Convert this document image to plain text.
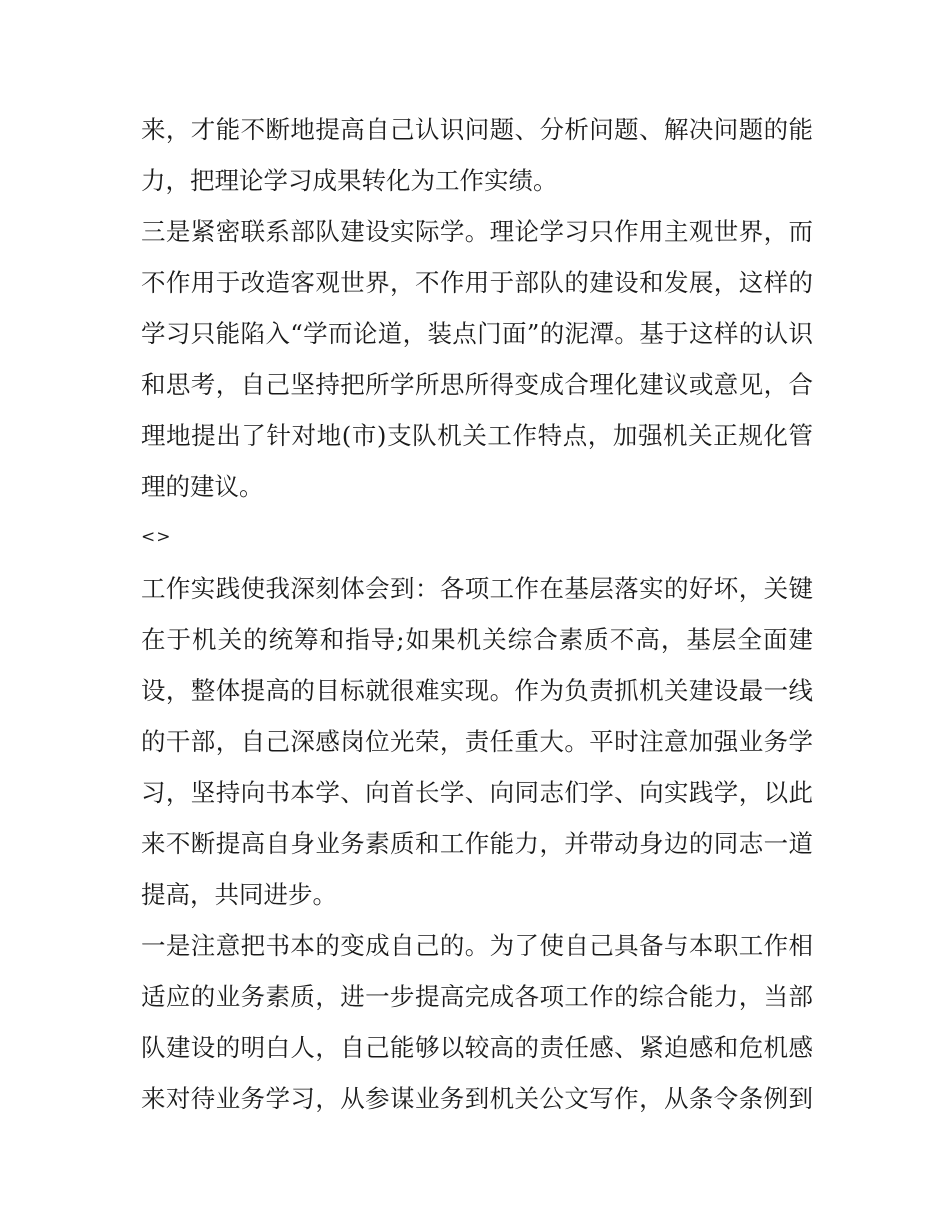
来，才能不断地提高自己认识问题、分析问题、解决问题的能
力，把理论学习成果转化为工作实绩。
三是紧密联系部队建设实际学。理论学习只作用主观世界，而
不作用于改造客观世界，不作用于部队的建设和发展，这样的
学习只能陷入“学而论道，装点门面”的泥潭。基于这样的认识
和思考，自己坚持把所学所思所得变成合理化建议或意见，合
理地提出了针对地(市)支队机关工作特点，加强机关正规化管
理的建议。
<>
工作实践使我深刻体会到：各项工作在基层落实的好坏，关键
在于机关的统筹和指导;如果机关综合素质不高，基层全面建
设，整体提高的目标就很难实现。作为负责抓机关建设最一线
的干部，自己深感岗位光荣，责任重大。平时注意加强业务学
习，坚持向书本学、向首长学、向同志们学、向实践学，以此
来不断提高自身业务素质和工作能力，并带动身边的同志一道
提高，共同进步。
一是注意把书本的变成自己的。为了使自己具备与本职工作相
适应的业务素质，进一步提高完成各项工作的综合能力，当部
队建设的明白人，自己能够以较高的责任感、紧迫感和危机感
来对待业务学习，从参谋业务到机关公文写作，从条令条例到
